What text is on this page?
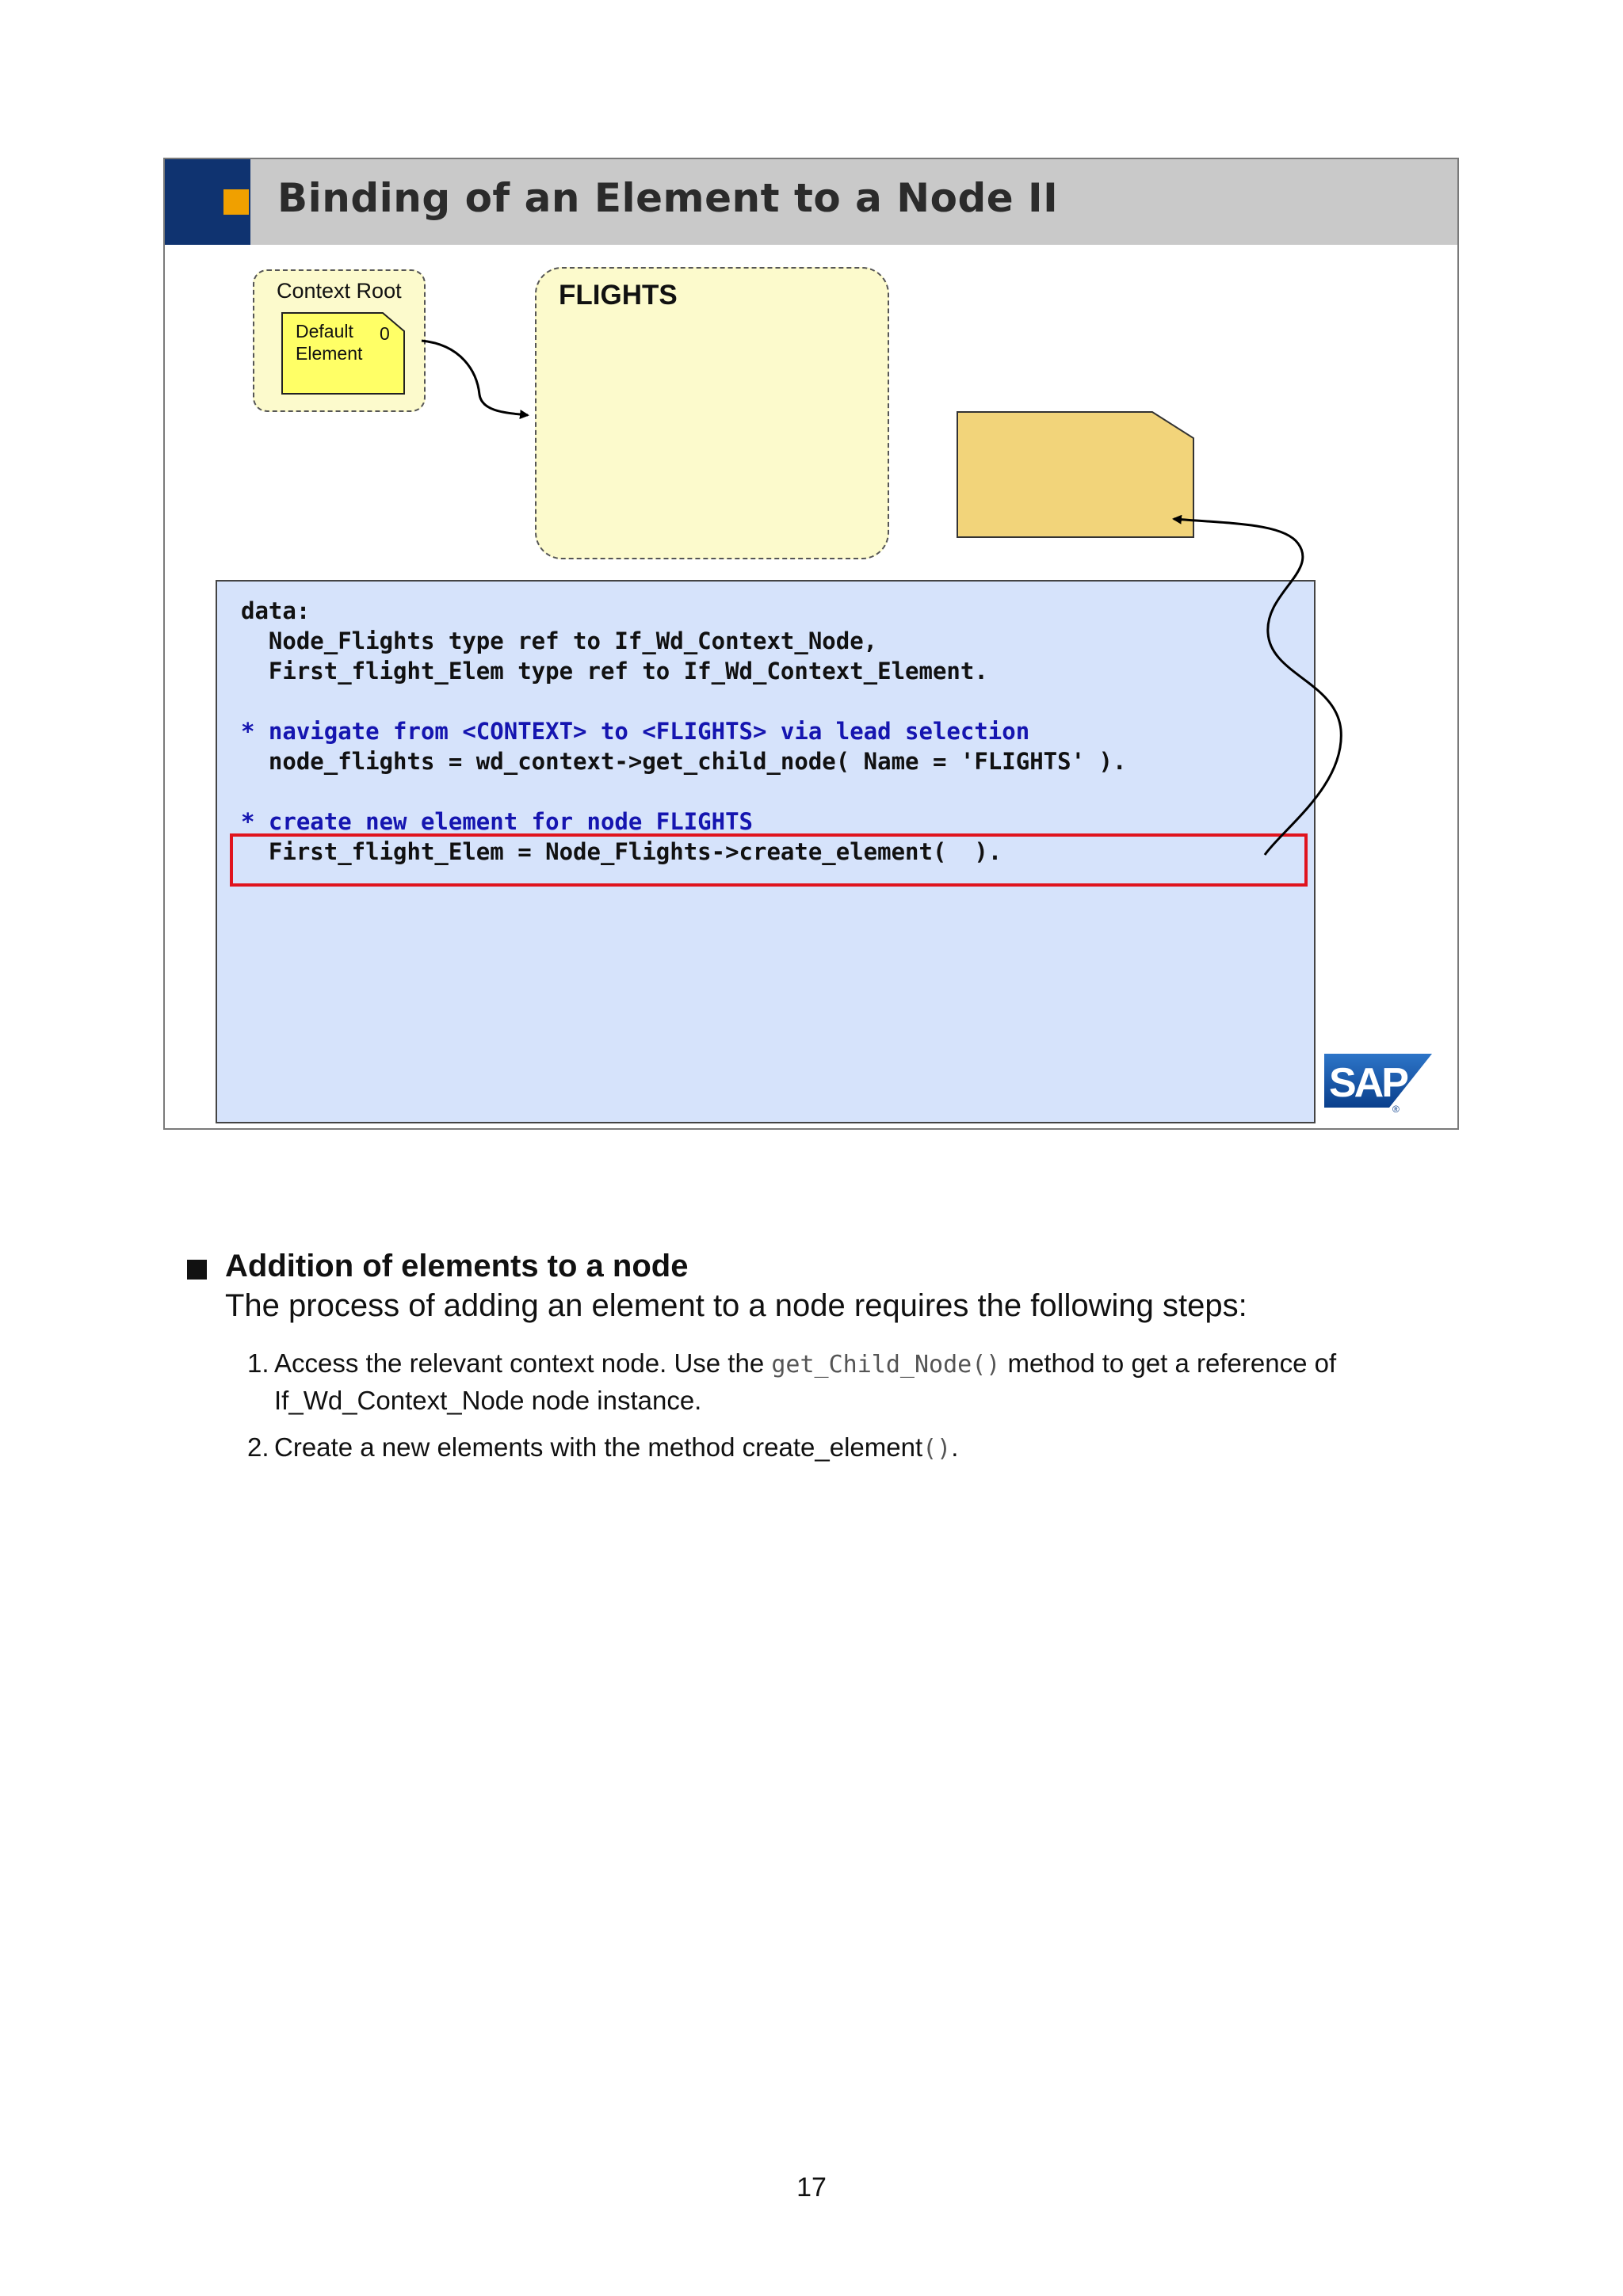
Binding of an Element to a Node II
Context Root
Default
Element
0
FLIGHTS
data:
Node_Flights type ref to If_Wd_Context_Node,
First_flight_Elem type ref to If_Wd_Context_Element.
* navigate from <CONTEXT> to <FLIGHTS> via lead selection
node_flights = wd_context->get_child_node( Name = 'FLIGHTS' ).
* create new element for node FLIGHTS
First_flight_Elem = Node_Flights->create_element(  ).
SAP
®
Addition of elements to a node
The process of adding an element to a node requires the following steps:
1. Access the relevant context node. Use the get_Child_Node() method to get a reference of If_Wd_Context_Node node instance.
2. Create a new elements with the method create_element().
17
